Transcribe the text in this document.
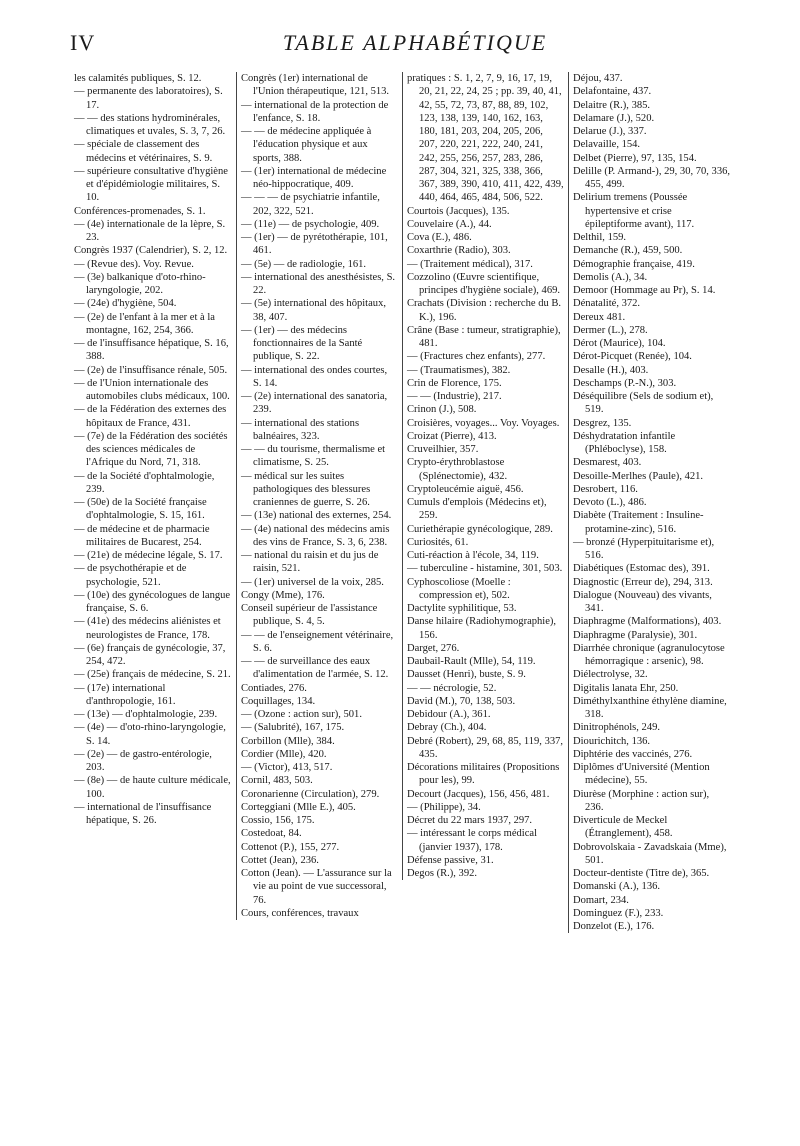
IV	TABLE ALPHABÉTIQUE

les calamités publiques, S. 12.

— permanente des laboratoires), S. 17.

— — des stations hydrominérales, climatiques et uvales, S. 3, 7, 26.

— spéciale de classement des médecins et vétérinaires, S. 9.

— supérieure consultative d'hygiène et d'épidémiologie militaires, S. 10.

Conférences-promenades, S. 1.

— (4e) internationale de la lèpre, S. 23.

Congrès 1937 (Calendrier), S. 2, 12.

— (Revue des). Voy. Revue.

— (3e) balkanique d'oto-rhino-laryngologie, 202.

— (24e) d'hygiène, 504.

— (2e) de l'enfant à la mer et à la montagne, 162, 254, 366.

— de l'insuffisance hépatique, S. 16, 388.

— (2e) de l'insuffisance rénale, 505.

— de l'Union internationale des automobiles clubs médicaux, 100.

— de la Fédération des externes des hôpitaux de France, 431.

— (7e) de la Fédération des sociétés des sciences médicales de l'Afrique du Nord, 71, 318.

— de la Société d'ophtalmologie, 239.

— (50e) de la Société française d'ophtalmologie, S. 15, 161.

— de médecine et de pharmacie militaires de Bucarest, 254.

— (21e) de médecine légale, S. 17.

— de psychothérapie et de psychologie, 521.

— (10e) des gynécologues de langue française, S. 6.

— (41e) des médecins aliénistes et neurologistes de France, 178.

— (6e) français de gynécologie, 37, 254, 472.

— (25e) français de médecine, S. 21.

— (17e) international d'anthropologie, 161.

— (13e) — d'ophtalmologie, 239.

— (4e) — d'oto-rhino-laryngologie, S. 14.

— (2e) — de gastro-entérologie, 203.

— (8e) — de haute culture médicale, 100.

— international de l'insuffisance hépatique, S. 26.

Congrès (1er) international de l'Union thérapeutique, 121, 513.

— international de la protection de l'enfance, S. 18.

— — de médecine appliquée à l'éducation physique et aux sports, 388.

— (1er) international de médecine néo-hippocratique, 409.

— — — de psychiatrie infantile, 202, 322, 521.

— (11e) — de psychologie, 409.

— (1er) — de pyrétothérapie, 101, 461.

— (5e) — de radiologie, 161.

— international des anesthésistes, S. 22.

— (5e) international des hôpitaux, 38, 407.

— (1er) — des médecins fonctionnaires de la Santé publique, S. 22.

— international des ondes courtes, S. 14.

— (2e) international des sanatoria, 239.

— international des stations balnéaires, 323.

— — du tourisme, thermalisme et climatisme, S. 25.

— médical sur les suites pathologiques des blessures craniennes de guerre, S. 26.

— (13e) national des externes, 254.

— (4e) national des médecins amis des vins de France, S. 3, 6, 238.

— national du raisin et du jus de raisin, 521.

— (1er) universel de la voix, 285.

Congy (Mme), 176.

Conseil supérieur de l'assistance publique, S. 4, 5.

— — de l'enseignement vétérinaire, S. 6.

— — de surveillance des eaux d'alimentation de l'armée, S. 12.

Contiades, 276.

Coquillages, 134.

— (Ozone : action sur), 501.

— (Salubrité), 167, 175.

Corbillon (Mlle), 384.

Cordier (Mlle), 420.

— (Victor), 413, 517.

Cornil, 483, 503.

Coronarienne (Circulation), 279.

Corteggiani (Mlle E.), 405.

Cossio, 156, 175.

Costedoat, 84.

Cottenot (P.), 155, 277.

Cottet (Jean), 236.

Cotton (Jean). — L'assurance sur la vie au point de vue successoral, 76.

Cours, conférences, travaux

pratiques : S. 1, 2, 7, 9, 16, 17, 19, 20, 21, 22, 24, 25 ; pp. 39, 40, 41, 42, 55, 72, 73, 87, 88, 89, 102, 123, 138, 139, 140, 162, 163, 180, 181, 203, 204, 205, 206, 207, 220, 221, 222, 240, 241, 242, 255, 256, 257, 283, 286, 287, 304, 321, 325, 338, 366, 367, 389, 390, 410, 411, 422, 439, 440, 464, 465, 484, 506, 522.

Courtois (Jacques), 135.

Couvelaire (A.), 44.

Cova (E.), 486.

Coxarthrie (Radio), 303.

— (Traitement médical), 317.

Cozzolino (Œuvre scientifique, principes d'hygiène sociale), 469.

Crachats (Division : recherche du B. K.), 196.

Crâne (Base : tumeur, stratigraphie), 481.

— (Fractures chez enfants), 277.

— (Traumatismes), 382.

Crin de Florence, 175.

— — (Industrie), 217.

Crinon (J.), 508.

Croisières, voyages... Voy. Voyages.

Croizat (Pierre), 413.

Cruveilhier, 357.

Crypto-érythroblastose (Splénectomie), 432.

Cryptoleucémie aiguë, 456.

Cumuls d'emplois (Médecins et), 259.

Curiethérapie gynécologique, 289.

Curiosités, 61.

Cuti-réaction à l'école, 34, 119.

— tuberculine - histamine, 301, 503.

Cyphoscoliose (Moelle : compression et), 502.

Dactylite syphilitique, 53.

Danse hilaire (Radiohymographie), 156.

Darget, 276.

Daubail-Rault (Mlle), 54, 119.

Dausset (Henri), buste, S. 9.

— — nécrologie, 52.

David (M.), 70, 138, 503.

Debidour (A.), 361.

Debray (Ch.), 404.

Debré (Robert), 29, 68, 85, 119, 337, 435.

Décorations militaires (Propositions pour les), 99.

Decourt (Jacques), 156, 456, 481.

— (Philippe), 34.

Décret du 22 mars 1937, 297.

— intéressant le corps médical (janvier 1937), 178.

Défense passive, 31.

Degos (R.), 392.

Déjou, 437.

Delafontaine, 437.

Delaitre (R.), 385.

Delamare (J.), 520.

Delarue (J.), 337.

Delavaille, 154.

Delbet (Pierre), 97, 135, 154.

Delille (P. Armand-), 29, 30, 70, 336, 455, 499.

Delirium tremens (Poussée hypertensive et crise épileptiforme avant), 117.

Delthil, 159.

Demanche (R.), 459, 500.

Démographie française, 419.

Demolis (A.), 34.

Demoor (Hommage au Pr), S. 14.

Dénatalité, 372.

Dereux 481.

Dermer (L.), 278.

Dérot (Maurice), 104.

Dérot-Picquet (Renée), 104.

Desalle (H.), 403.

Deschamps (P.-N.), 303.

Déséquilibre (Sels de sodium et), 519.

Desgrez, 135.

Déshydratation infantile (Phléboclyse), 158.

Desmarest, 403.

Desoille-Merlhes (Paule), 421.

Desrobert, 116.

Devoto (L.), 486.

Diabète (Traitement : Insuline-protamine-zinc), 516.

— bronzé (Hyperpituitarisme et), 516.

Diabétiques (Estomac des), 391.

Diagnostic (Erreur de), 294, 313.

Dialogue (Nouveau) des vivants, 341.

Diaphragme (Malformations), 403.

Diaphragme (Paralysie), 301.

Diarrhée chronique (agranulocytose hémorragique : arsenic), 98.

Diélectrolyse, 32.

Digitalis lanata Ehr, 250.

Diméthylxanthine éthylène diamine, 318.

Dinitrophénols, 249.

Diourichitch, 136.

Diphtérie des vaccinés, 276.

Diplômes d'Université (Mention médecine), 55.

Diurèse (Morphine : action sur), 236.

Diverticule de Meckel (Étranglement), 458.

Dobrovolskaia - Zavadskaia (Mme), 501.

Docteur-dentiste (Titre de), 365.

Domanski (A.), 136.

Domart, 234.

Dominguez (F.), 233.

Donzelot (E.), 176.
